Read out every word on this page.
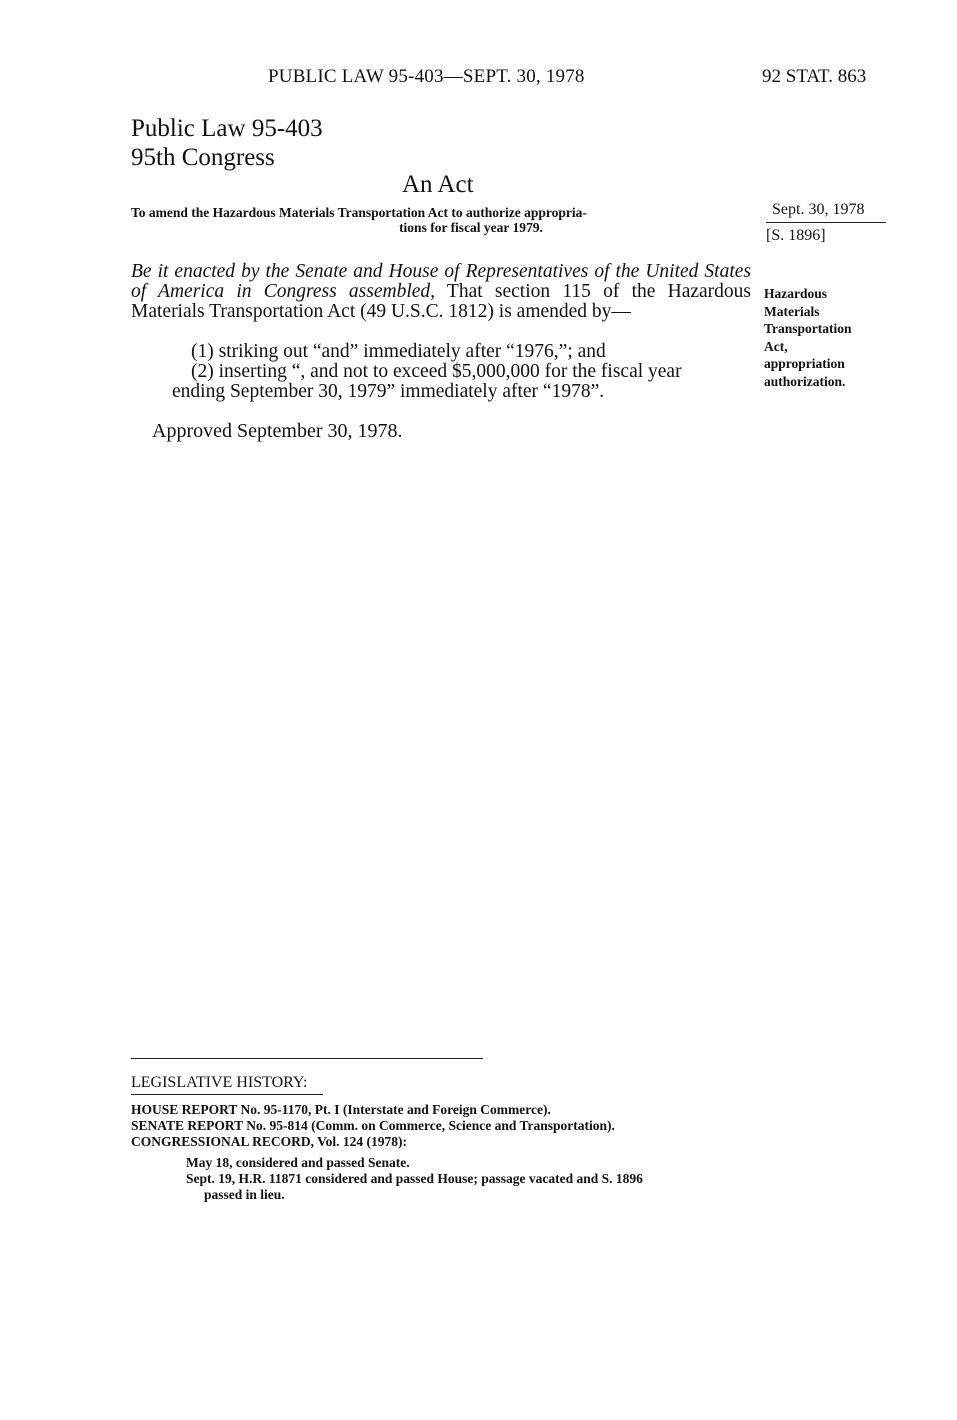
PUBLIC LAW 95-403—SEPT. 30, 1978	92 STAT. 863
Public Law 95-403
95th Congress
An Act
To amend the Hazardous Materials Transportation Act to authorize appropria-
tions for fiscal year 1979.
Sept. 30, 1978
[S. 1896]
Be it enacted by the Senate and House of Representatives of the United States of America in Congress assembled, That section 115 of the Hazardous Materials Transportation Act (49 U.S.C. 1812) is amended by—
(1) striking out “and” immediately after “1976,”; and
(2) inserting “, and not to exceed $5,000,000 for the fiscal year
ending September 30, 1979” immediately after “1978”.
Approved September 30, 1978.
Hazardous
Materials
Transportation
Act,
appropriation
authorization.
LEGISLATIVE HISTORY:
HOUSE REPORT No. 95-1170, Pt. I (Interstate and Foreign Commerce).
SENATE REPORT No. 95-814 (Comm. on Commerce, Science and Transportation).
CONGRESSIONAL RECORD, Vol. 124 (1978):
May 18, considered and passed Senate.
Sept. 19, H.R. 11871 considered and passed House; passage vacated and S. 1896
passed in lieu.
